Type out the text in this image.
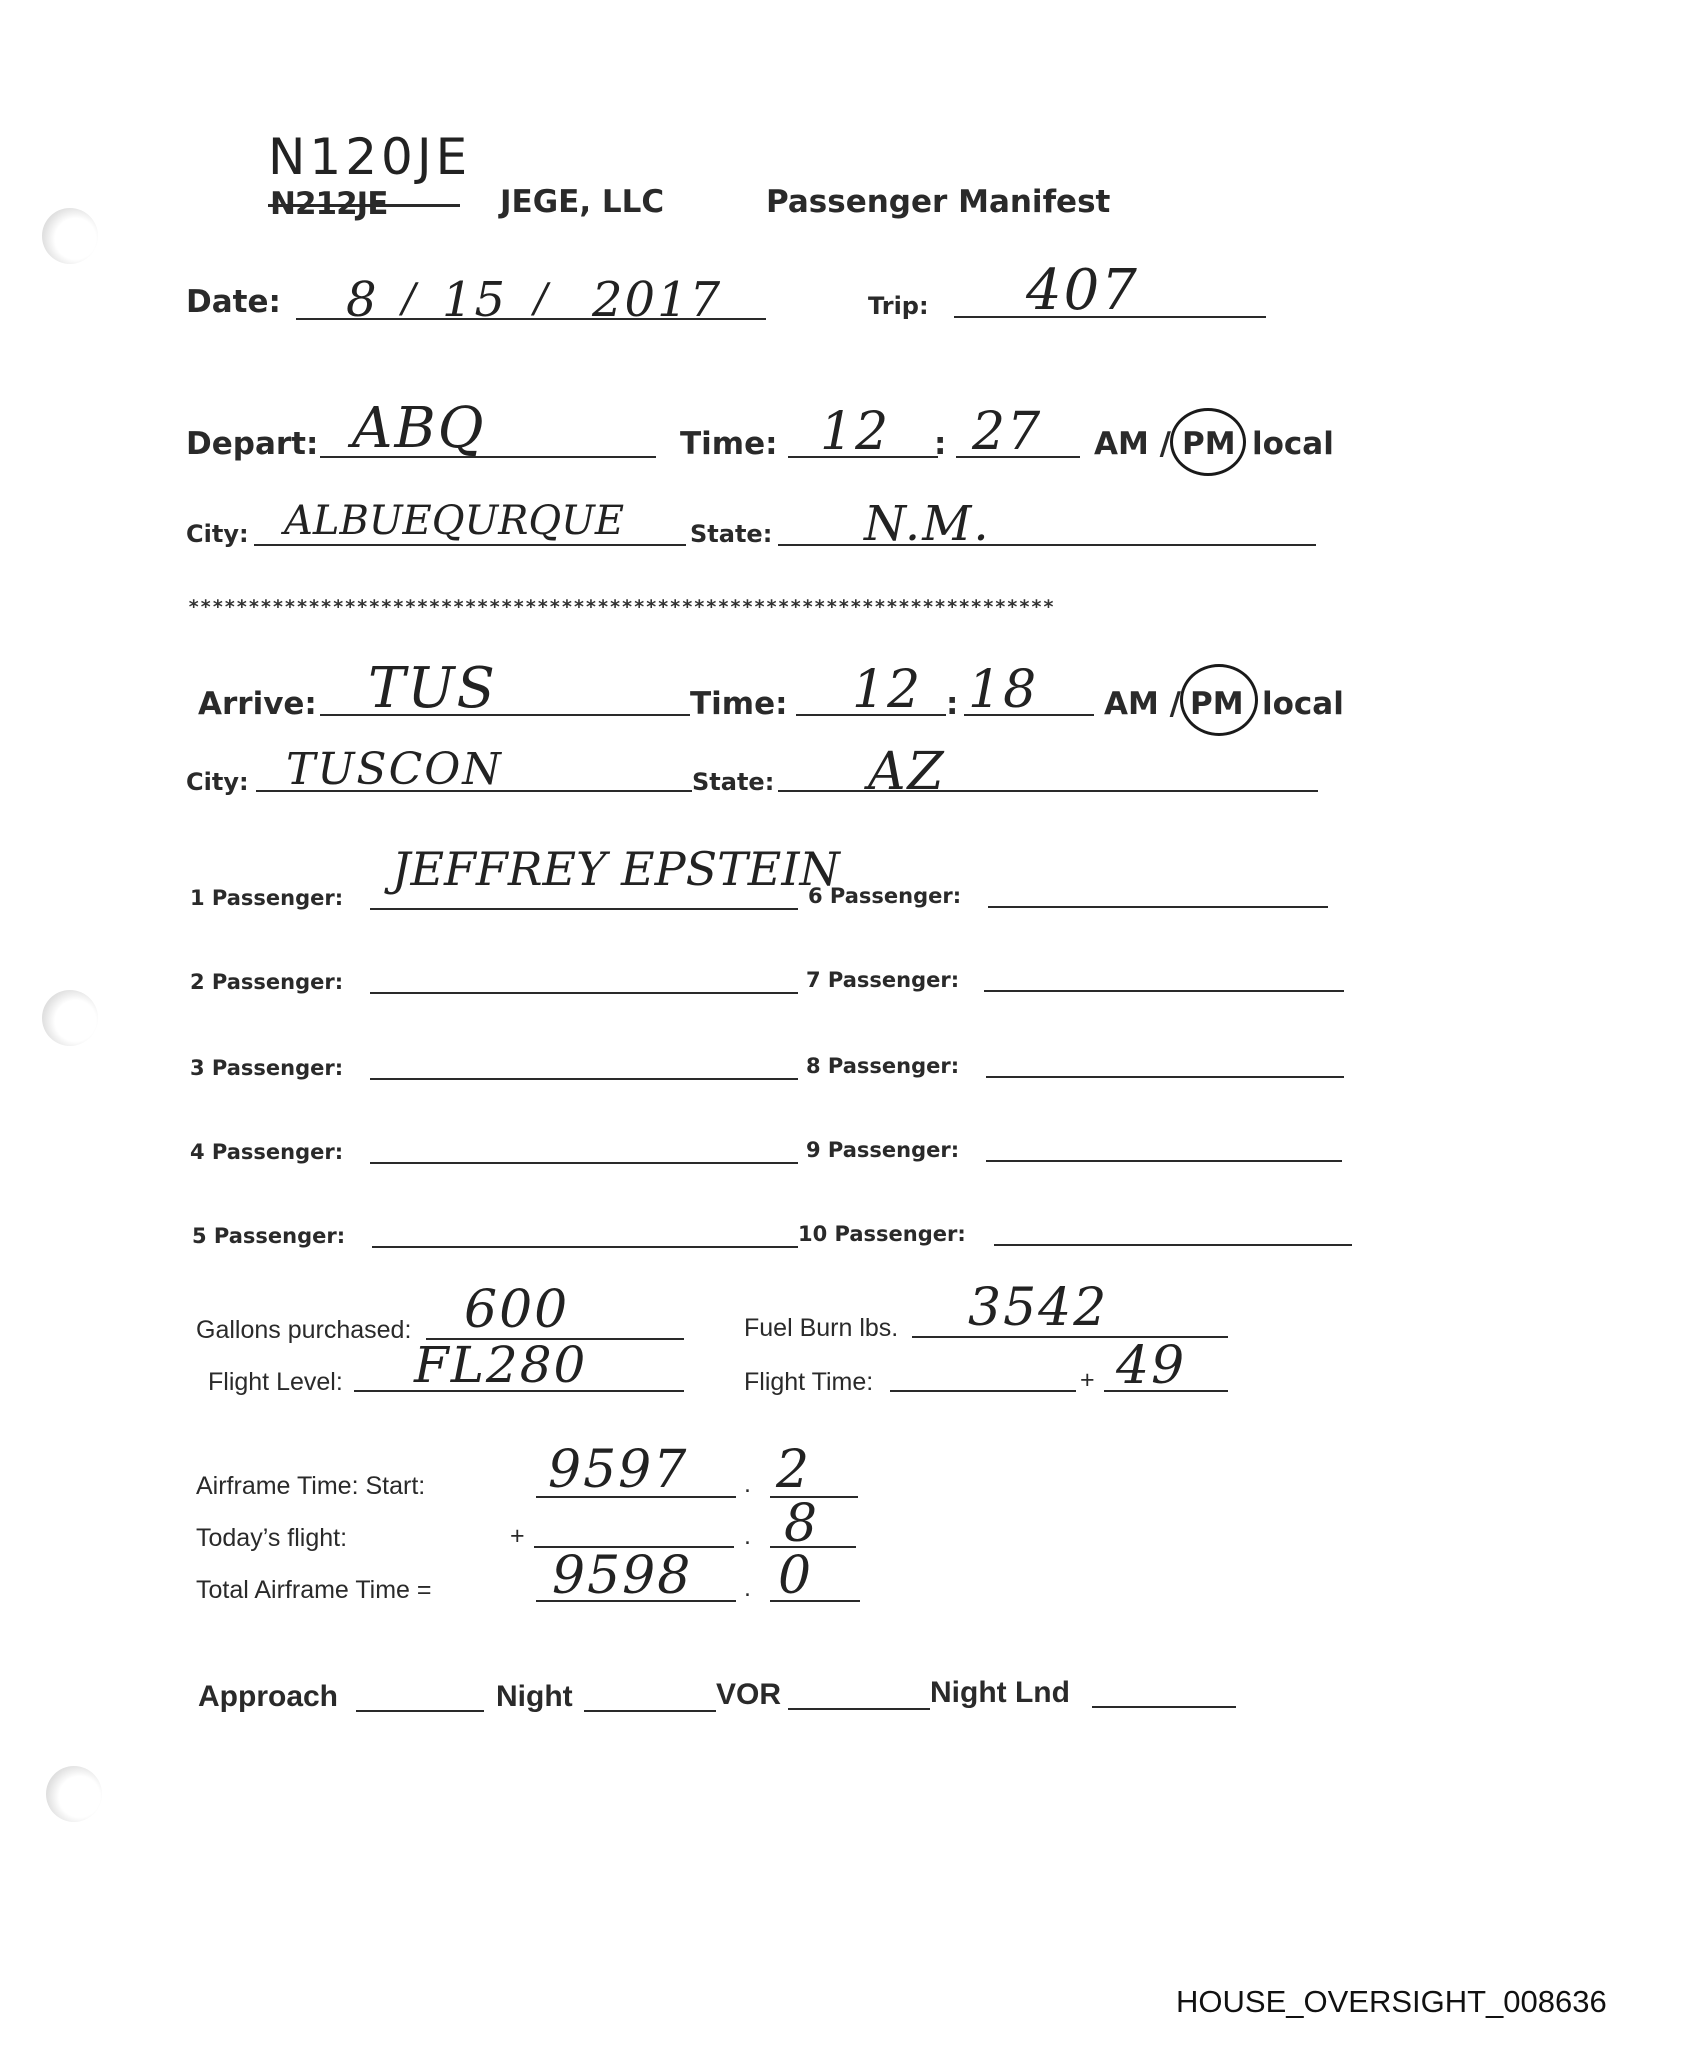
N120JE
N212JE	JEGE, LLC	Passenger Manifest
Date: 8 / 15 / 2017	Trip: 407
Depart: ABQ	Time: 12 : 27 AM / PM local
City: ALBUEQURQUE	State: N.M.
************************************************************************
Arrive: TUS	Time: 12 : 18 AM / PM local
City: TUSCON	State: AZ
1 Passenger:
JEFFREY EPSTEIN
2 Passenger:
3 Passenger:
4 Passenger:
5 Passenger:
6 Passenger:
7 Passenger:
8 Passenger:
9 Passenger:
10 Passenger:
Gallons purchased: 600	Fuel Burn lbs. 3542
Flight Level: FL280	Flight Time:	+ 49
Airframe Time: Start: 9597 . 2
Today’s flight:	+	. 8
Total Airframe Time = 9598 . 0
Approach	Night	VOR	Night Lnd
HOUSE_OVERSIGHT_008636
